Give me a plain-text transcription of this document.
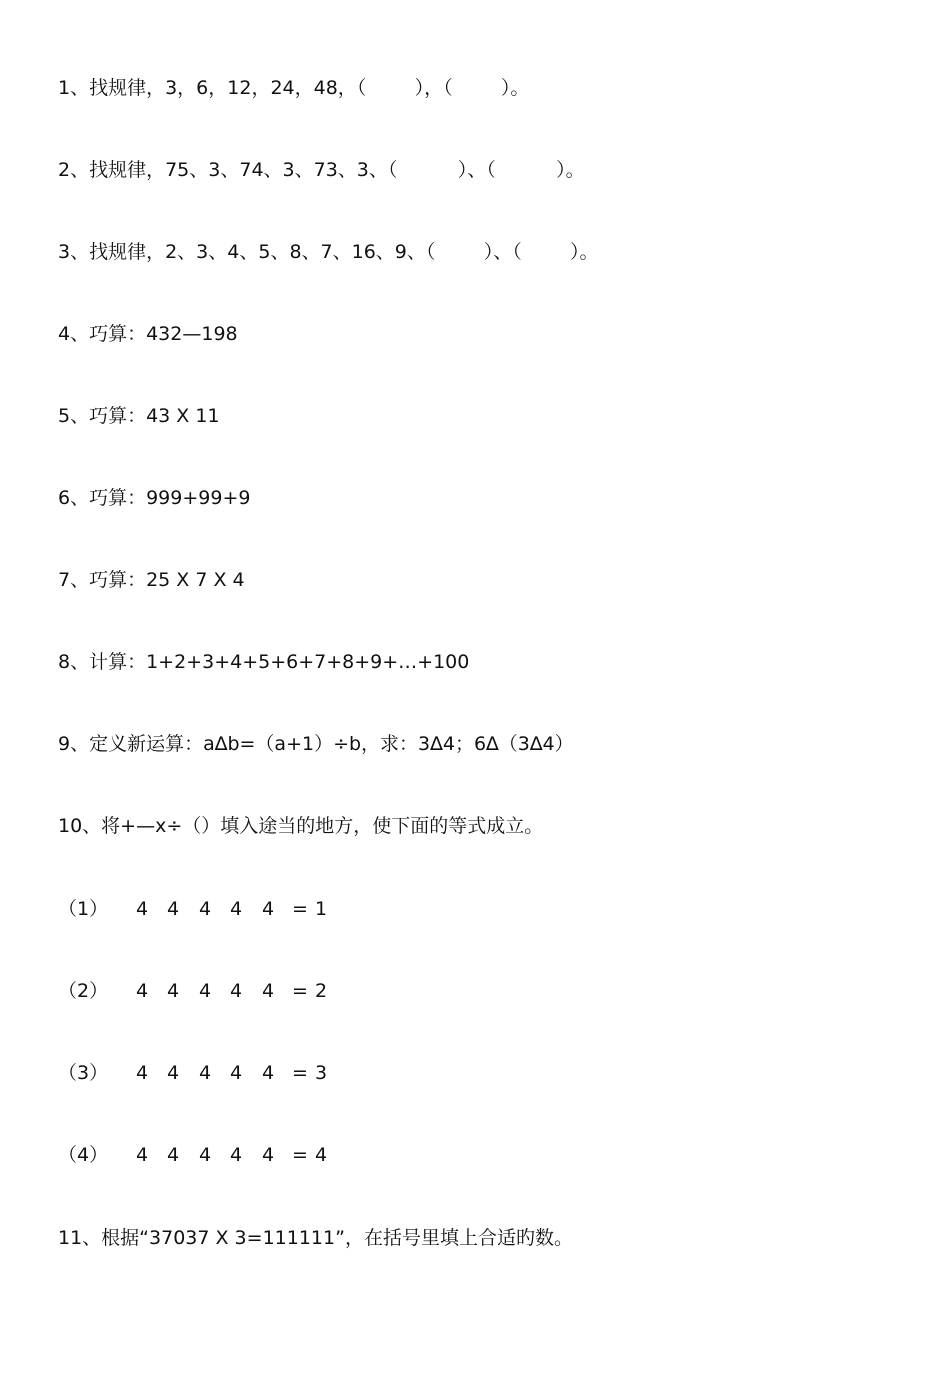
1、找规律，3，6，12，24，48，（        ），（        ）。
2、找规律，75、3、74、3、73、3、（          ）、（          ）。
3、找规律，2、3、4、5、8、7、16、9、（        ）、（        ）。
4、巧算：432—198
5、巧算：43 X 11
6、巧算：999+99+9
7、巧算：25 X 7 X 4
8、计算：1+2+3+4+5+6+7+8+9+…+100
9、定义新运算：a∆b=（a+1）÷b，求：3∆4；6∆（3∆4）
10、将+—x÷（）填入途当的地方，使下面的等式成立。

（1）

4

4

4

4

4

=

1

（2）

4

4

4

4

4

=

2

（3）

4

4

4

4

4

=

3

（4）

4

4

4

4

4

=

4

11、根据“37037 X 3=111111”，在括号里填上合适旳数。
